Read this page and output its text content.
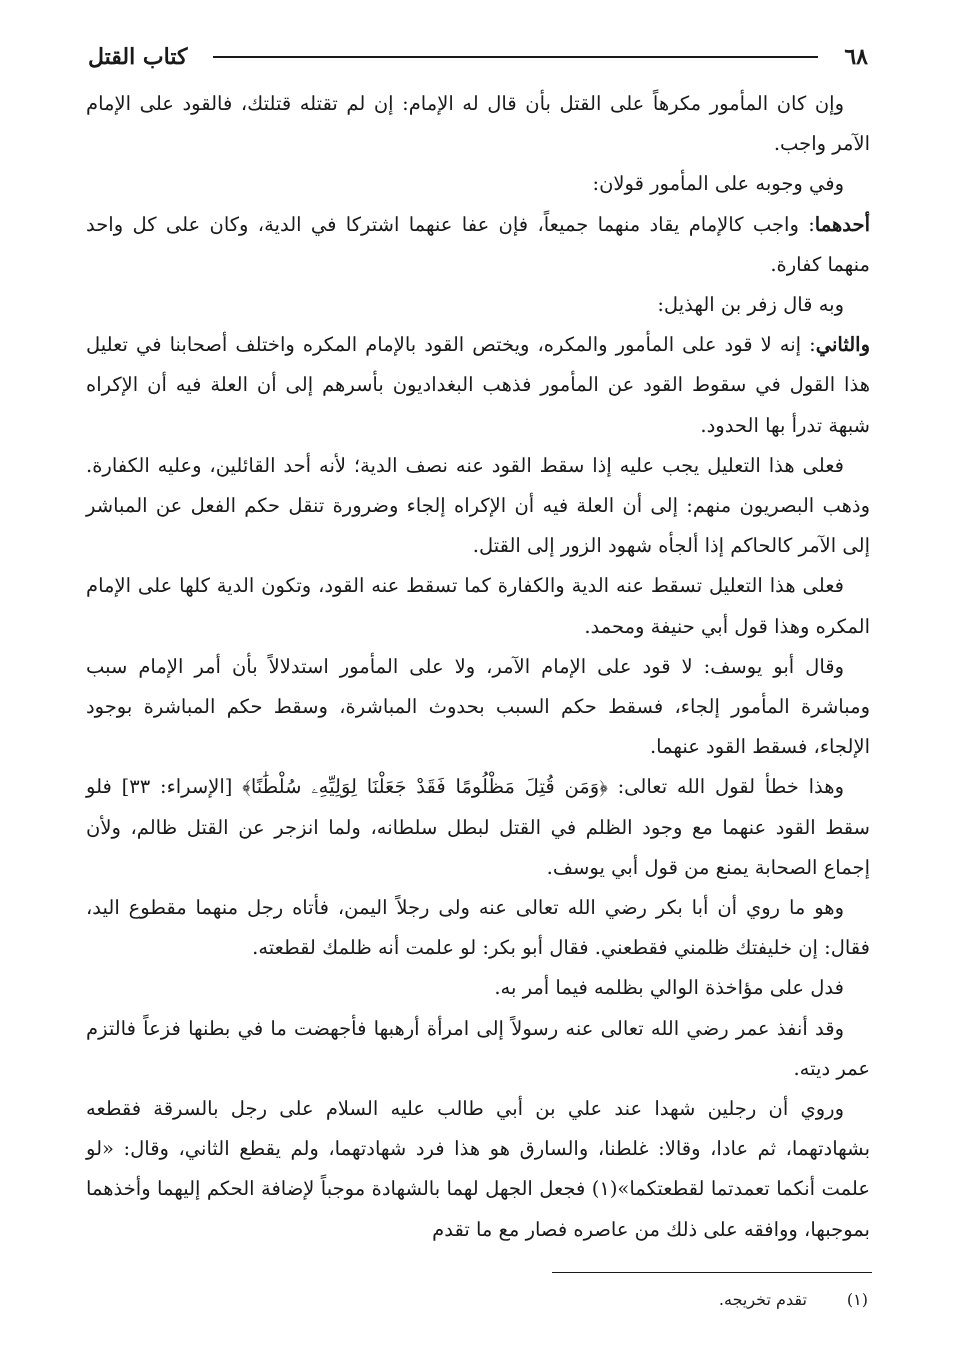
٦٨
كتاب القتل

وإن كان المأمور مكرهاً على القتل بأن قال له الإمام: إن لم تقتله قتلتك، فالقود على الإمام الآمر واجب.

وفي وجوبه على المأمور قولان:

أحدهما: واجب كالإمام يقاد منهما جميعاً، فإن عفا عنهما اشتركا في الدية، وكان على كل واحد منهما كفارة.

وبه قال زفر بن الهذيل:

والثاني: إنه لا قود على المأمور والمكره، ويختص القود بالإمام المكره واختلف أصحابنا في تعليل هذا القول في سقوط القود عن المأمور فذهب البغداديون بأسرهم إلى أن العلة فيه أن الإكراه شبهة تدرأ بها الحدود.

فعلى هذا التعليل يجب عليه إذا سقط القود عنه نصف الدية؛ لأنه أحد القائلين، وعليه الكفارة. وذهب البصريون منهم: إلى أن العلة فيه أن الإكراه إلجاء وضرورة تنقل حكم الفعل عن المباشر إلى الآمر كالحاكم إذا ألجأه شهود الزور إلى القتل.

فعلى هذا التعليل تسقط عنه الدية والكفارة كما تسقط عنه القود، وتكون الدية كلها على الإمام المكره وهذا قول أبي حنيفة ومحمد.

وقال أبو يوسف: لا قود على الإمام الآمر، ولا على المأمور استدلالاً بأن أمر الإمام سبب ومباشرة المأمور إلجاء، فسقط حكم السبب بحدوث المباشرة، وسقط حكم المباشرة بوجود الإلجاء، فسقط القود عنهما.

وهذا خطأ لقول الله تعالى: ﴿وَمَن قُتِلَ مَظْلُومًا فَقَدْ جَعَلْنَا لِوَلِيِّهِۦ سُلْطَٰنًا﴾ [الإسراء: ٣٣] فلو سقط القود عنهما مع وجود الظلم في القتل لبطل سلطانه، ولما انزجر عن القتل ظالم، ولأن إجماع الصحابة يمنع من قول أبي يوسف.

وهو ما روي أن أبا بكر رضي الله تعالى عنه ولى رجلاً اليمن، فأتاه رجل منهما مقطوع اليد، فقال: إن خليفتك ظلمني فقطعني. فقال أبو بكر: لو علمت أنه ظلمك لقطعته.

فدل على مؤاخذة الوالي بظلمه فيما أمر به.

وقد أنفذ عمر رضي الله تعالى عنه رسولاً إلى امرأة أرهبها فأجهضت ما في بطنها فزعاً فالتزم عمر ديته.

وروي أن رجلين شهدا عند علي بن أبي طالب عليه السلام على رجل بالسرقة فقطعه بشهادتهما، ثم عادا، وقالا: غلطنا، والسارق هو هذا فرد شهادتهما، ولم يقطع الثاني، وقال: «لو علمت أنكما تعمدتما لقطعتكما»(١) فجعل الجهل لهما بالشهادة موجباً لإضافة الحكم إليهما وأخذهما بموجبها، ووافقه على ذلك من عاصره فصار مع ما تقدم

(١)
تقدم تخريجه.
